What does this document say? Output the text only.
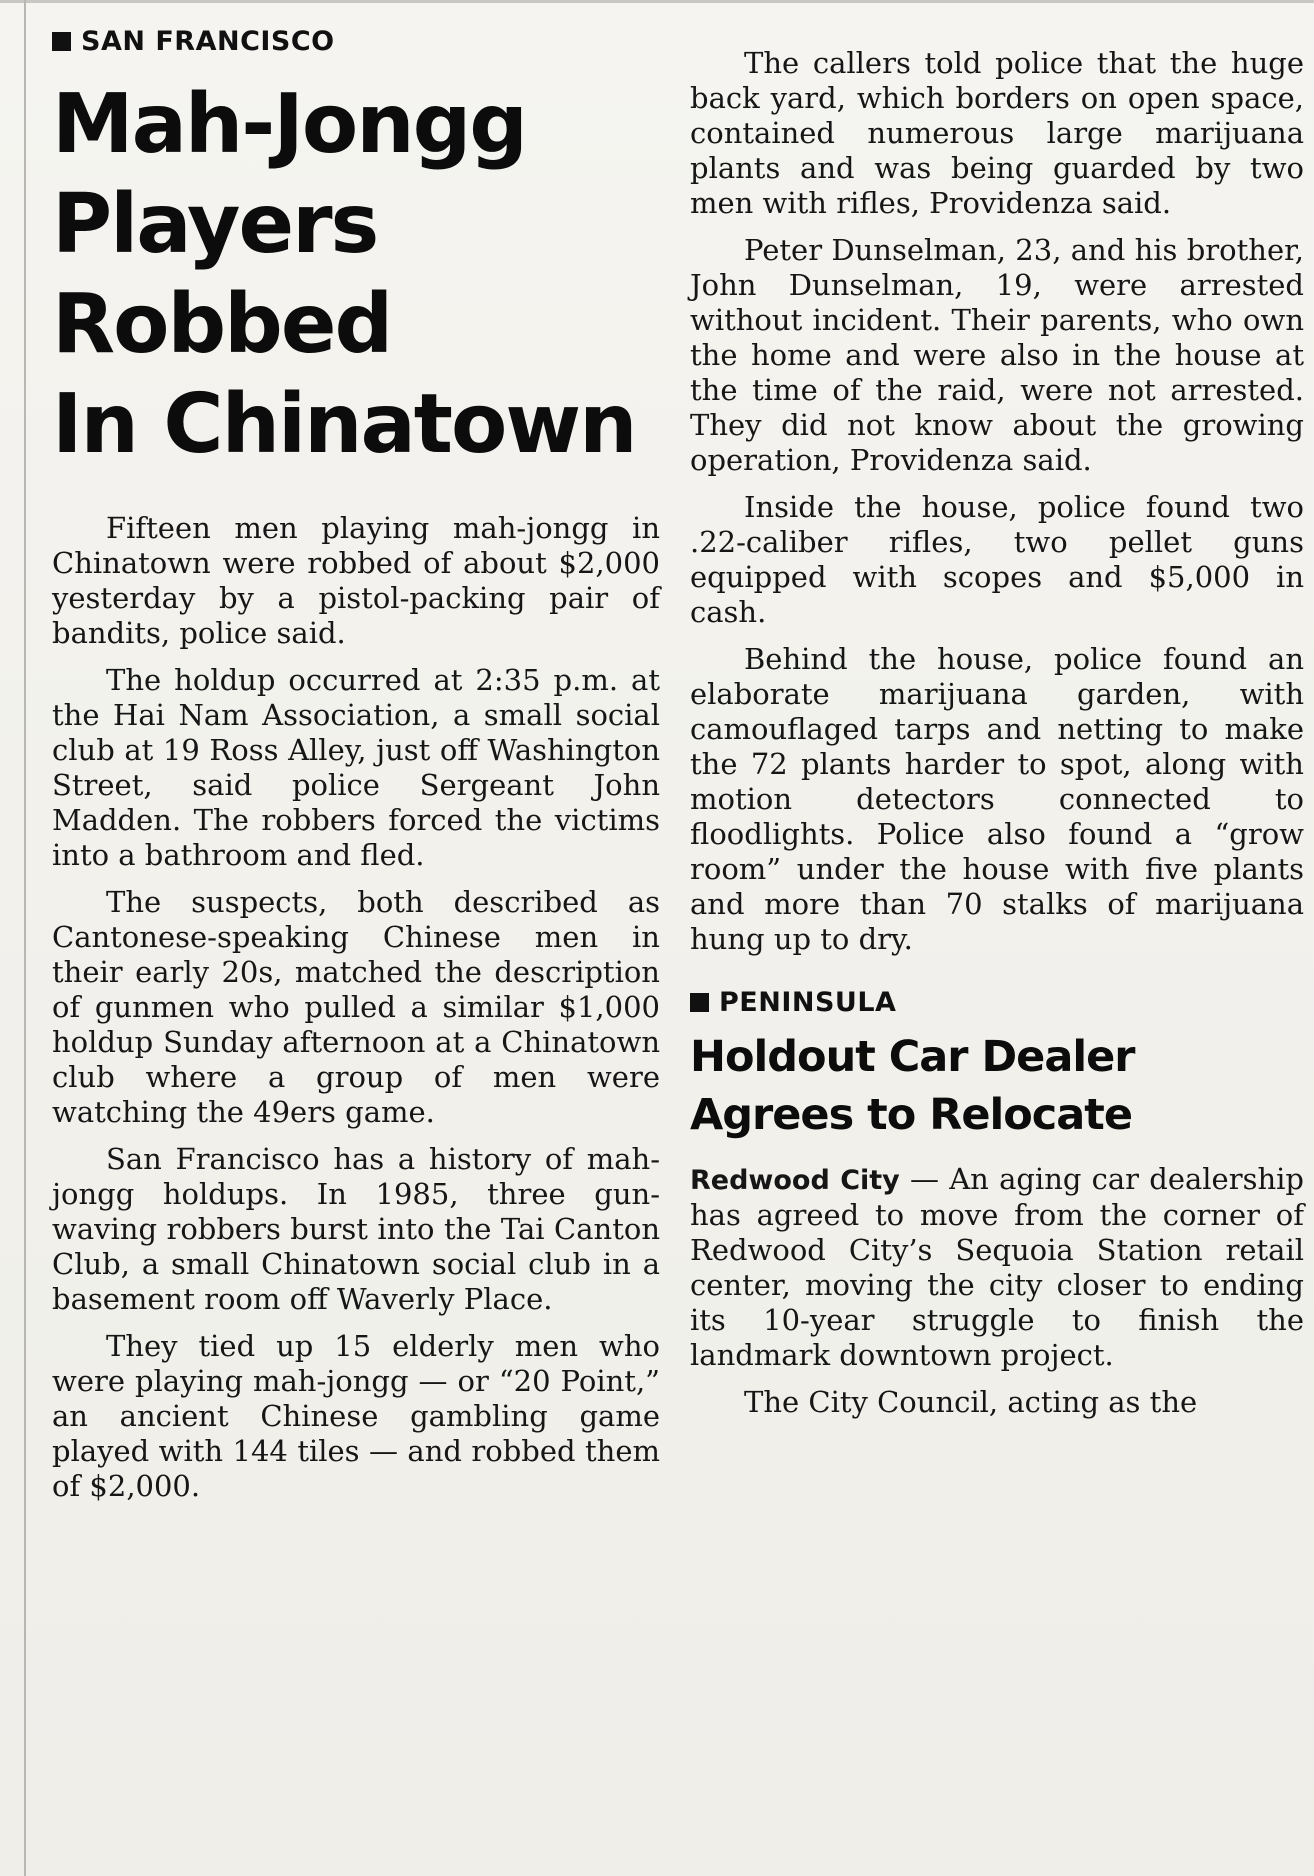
SAN FRANCISCO
Mah-Jongg
Players Robbed
In Chinatown

Fifteen men playing mah-jongg in Chinatown were robbed of about $2,000 yesterday by a pistol-packing pair of bandits, police said.

The holdup occurred at 2:35 p.m. at the Hai Nam Association, a small social club at 19 Ross Alley, just off Washington Street, said police Sergeant John Madden. The robbers forced the victims into a bathroom and fled.

The suspects, both described as Cantonese-speaking Chinese men in their early 20s, matched the description of gunmen who pulled a similar $1,000 holdup Sunday afternoon at a Chinatown club where a group of men were watching the 49ers game.

San Francisco has a history of mah-jongg holdups. In 1985, three gun-waving robbers burst into the Tai Canton Club, a small Chinatown social club in a basement room off Waverly Place.

They tied up 15 elderly men who were playing mah-jongg — or “20 Point,” an ancient Chinese gambling game played with 144 tiles — and robbed them of $2,000.

The callers told police that the huge back yard, which borders on open space, contained numerous large marijuana plants and was being guarded by two men with rifles, Providenza said.

Peter Dunselman, 23, and his brother, John Dunselman, 19, were arrested without incident. Their parents, who own the home and were also in the house at the time of the raid, were not arrested. They did not know about the growing operation, Providenza said.

Inside the house, police found two .22-caliber rifles, two pellet guns equipped with scopes and $5,000 in cash.

Behind the house, police found an elaborate marijuana garden, with camouflaged tarps and netting to make the 72 plants harder to spot, along with motion detectors connected to floodlights. Police also found a “grow room” under the house with five plants and more than 70 stalks of marijuana hung up to dry.

PENINSULA
Holdout Car Dealer
Agrees to Relocate

Redwood City — An aging car dealership has agreed to move from the corner of Redwood City’s Sequoia Station retail center, moving the city closer to ending its 10-year struggle to finish the landmark downtown project.

The City Council, acting as the
